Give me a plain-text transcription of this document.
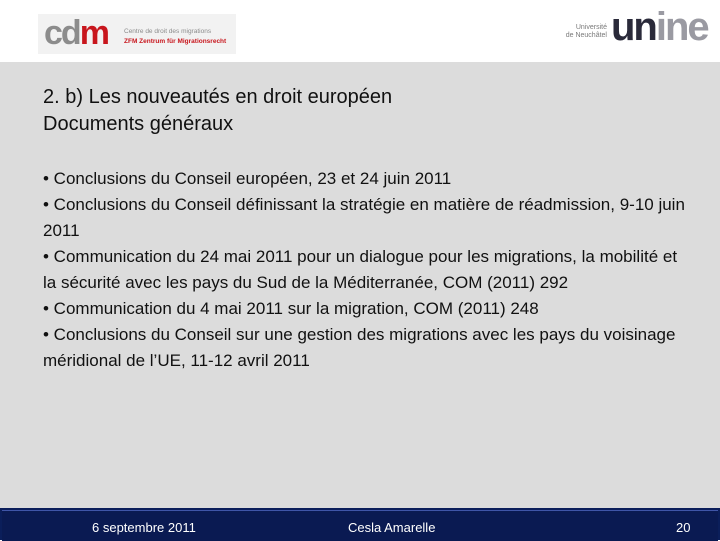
cdm Centre de droit des migrations
ZFM Zentrum für Migrationsrecht
Université
de Neuchâtel unine
2. b) Les nouveautés en droit européen
Documents généraux
• Conclusions du Conseil européen, 23 et 24 juin 2011
• Conclusions du Conseil définissant la stratégie en matière de réadmission, 9-10 juin 2011
• Communication du 24 mai 2011 pour un dialogue pour les migrations, la mobilité et la sécurité avec les pays du Sud de la Méditerranée, COM (2011) 292
• Communication du 4 mai 2011 sur la migration, COM (2011) 248
• Conclusions du Conseil sur une gestion des migrations avec les pays du voisinage méridional de l’UE, 11-12 avril 2011
6 septembre 2011	Cesla Amarelle	20
